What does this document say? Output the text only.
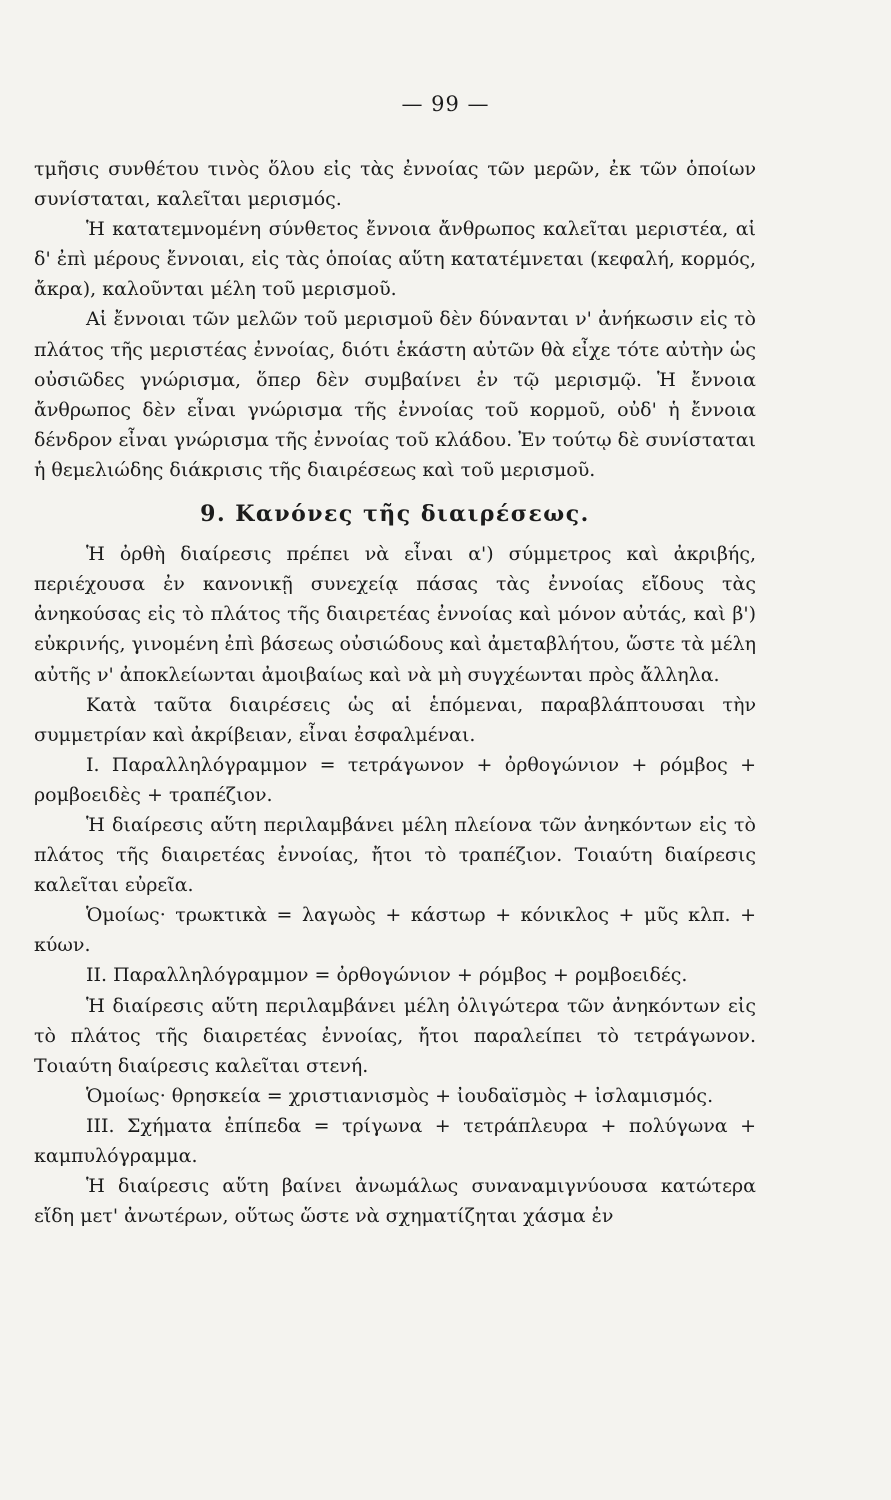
— 99 —

τμῆσις συνθέτου τινὸς ὅλου εἰς τὰς ἐννοίας τῶν μερῶν, ἐκ τῶν ὁποίων συνίσταται, καλεῖται μερισμός.

Ἡ κατατεμνομένη σύνθετος ἔννοια ἄνθρωπος καλεῖται μεριστέα, αἱ δ' ἐπὶ μέρους ἔννοιαι, εἰς τὰς ὁποίας αὕτη κατατέμνεται (κεφαλή, κορμός, ἄκρα), καλοῦνται μέλη τοῦ μερισμοῦ.

Αἱ ἔννοιαι τῶν μελῶν τοῦ μερισμοῦ δὲν δύνανται ν' ἀνήκωσιν εἰς τὸ πλάτος τῆς μεριστέας ἐννοίας, διότι ἑκάστη αὐτῶν θὰ εἶχε τότε αὐτὴν ὡς οὐσιῶδες γνώρισμα, ὅπερ δὲν συμβαίνει ἐν τῷ μερισμῷ. Ἡ ἔννοια ἄνθρωπος δὲν εἶναι γνώρισμα τῆς ἐννοίας τοῦ κορμοῦ, οὐδ' ἡ ἔννοια δένδρον εἶναι γνώρισμα τῆς ἐννοίας τοῦ κλάδου. Ἐν τούτῳ δὲ συνίσταται ἡ θεμελιώδης διάκρισις τῆς διαιρέσεως καὶ τοῦ μερισμοῦ.

9. Κανόνες τῆς διαιρέσεως.

Ἡ ὀρθὴ διαίρεσις πρέπει νὰ εἶναι α') σύμμετρος καὶ ἀκριβής, περιέχουσα ἐν κανονικῇ συνεχείᾳ πάσας τὰς ἐννοίας εἴδους τὰς ἀνηκούσας εἰς τὸ πλάτος τῆς διαιρετέας ἐννοίας καὶ μόνον αὐτάς, καὶ β') εὐκρινής, γινομένη ἐπὶ βάσεως οὐσιώδους καὶ ἀμεταβλήτου, ὥστε τὰ μέλη αὐτῆς ν' ἀποκλείωνται ἀμοιβαίως καὶ νὰ μὴ συγχέωνται πρὸς ἄλληλα.

Κατὰ ταῦτα διαιρέσεις ὡς αἱ ἑπόμεναι, παραβλάπτουσαι τὴν συμμετρίαν καὶ ἀκρίβειαν, εἶναι ἐσφαλμέναι.

I. Παραλληλόγραμμον = τετράγωνον + ὀρθογώνιον + ρόμβος + ρομβοειδὲς + τραπέζιον.

Ἡ διαίρεσις αὕτη περιλαμβάνει μέλη πλείονα τῶν ἀνηκόντων εἰς τὸ πλάτος τῆς διαιρετέας ἐννοίας, ἤτοι τὸ τραπέζιον. Τοιαύτη διαίρεσις καλεῖται εὐρεῖα.

Ὁμοίως· τρωκτικὰ = λαγωὸς + κάστωρ + κόνικλος + μῦς κλπ. + κύων.

II. Παραλληλόγραμμον = ὀρθογώνιον + ρόμβος + ρομβοειδές.

Ἡ διαίρεσις αὕτη περιλαμβάνει μέλη ὀλιγώτερα τῶν ἀνηκόντων εἰς τὸ πλάτος τῆς διαιρετέας ἐννοίας, ἤτοι παραλείπει τὸ τετράγωνον. Τοιαύτη διαίρεσις καλεῖται στενή.

Ὁμοίως· θρησκεία = χριστιανισμὸς + ἰουδαϊσμὸς + ἰσλαμισμός.

III. Σχήματα ἐπίπεδα = τρίγωνα + τετράπλευρα + πολύγωνα + καμπυλόγραμμα.

Ἡ διαίρεσις αὕτη βαίνει ἀνωμάλως συναναμιγνύουσα κατώτερα εἴδη μετ' ἀνωτέρων, οὕτως ὥστε νὰ σχηματίζηται χάσμα ἐν
